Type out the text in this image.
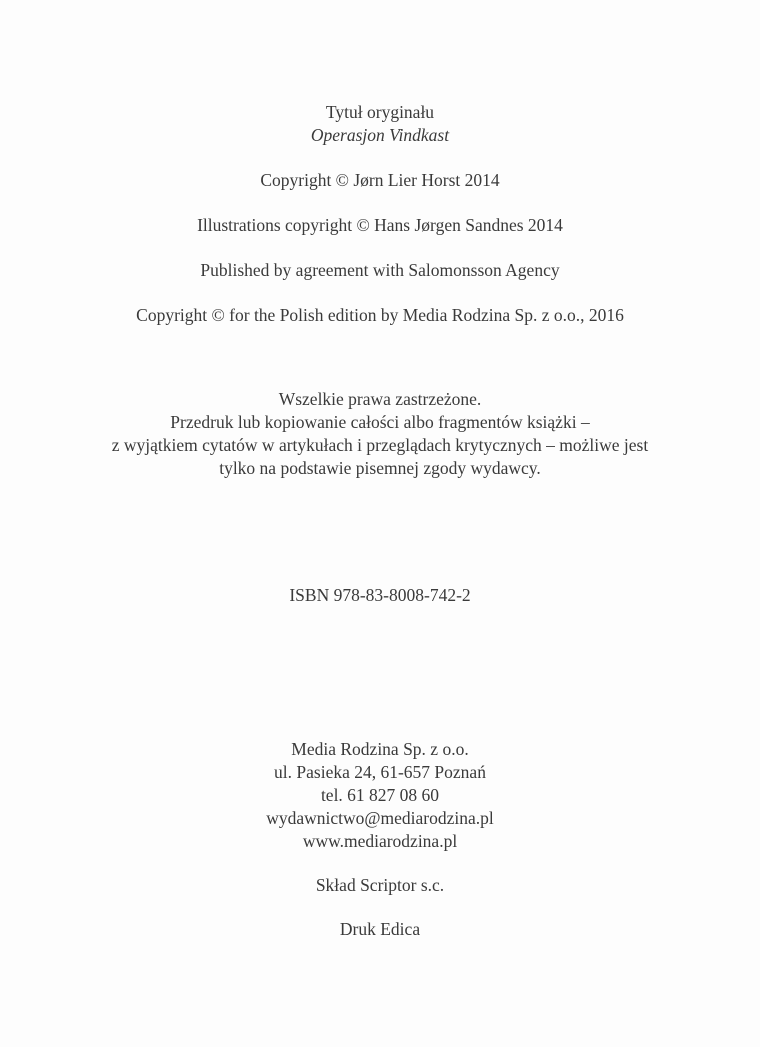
Tytuł oryginału
Operasjon Vindkast
Copyright © Jørn Lier Horst 2014
Illustrations copyright © Hans Jørgen Sandnes 2014
Published by agreement with Salomonsson Agency
Copyright © for the Polish edition by Media Rodzina Sp. z o.o., 2016
Wszelkie prawa zastrzeżone.
Przedruk lub kopiowanie całości albo fragmentów książki –
z wyjątkiem cytatów w artykułach i przeglądach krytycznych – możliwe jest
tylko na podstawie pisemnej zgody wydawcy.
ISBN 978-83-8008-742-2
Media Rodzina Sp. z o.o.
ul. Pasieka 24, 61-657 Poznań
tel. 61 827 08 60
wydawnictwo@mediarodzina.pl
www.mediarodzina.pl
Skład Scriptor s.c.
Druk Edica
